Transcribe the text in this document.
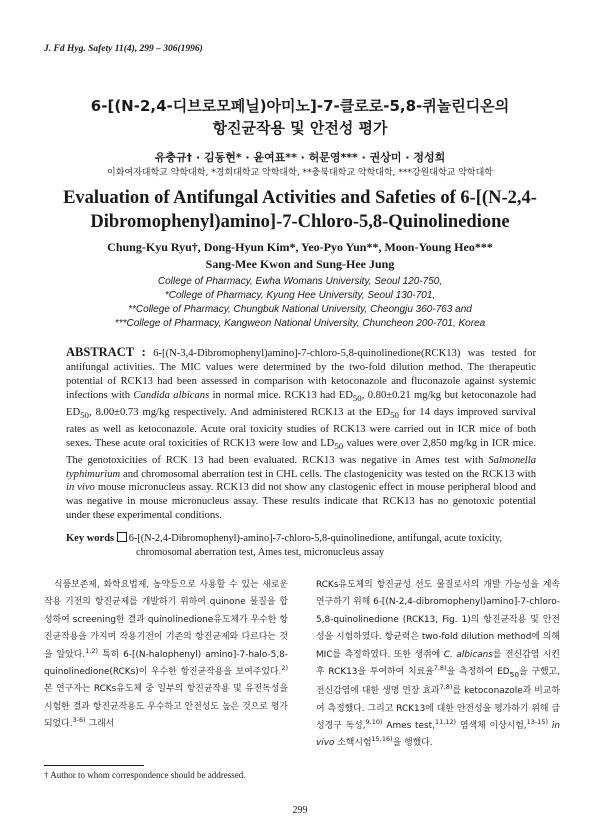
J. Fd Hyg. Safety 11(4), 299 – 306(1996)
6-[(N-2,4-디브로모페닐)아미노]-7-클로로-5,8-퀴놀린디온의
항진균작용 및 안전성 평가
유충규† · 김동현* · 윤여표** · 허문영*** · 권상미 · 정성희
이화여자대학교 약학대학, *경희대학교 약학대학, **충북대학교 약학대학, ***강원대학교 약학대학
Evaluation of Antifungal Activities and Safeties of 6-[(N-2,4-
Dibromophenyl)amino]-7-Chloro-5,8-Quinolinedione
Chung-Kyu Ryu†, Dong-Hyun Kim*, Yeo-Pyo Yun**, Moon-Young Heo***
Sang-Mee Kwon and Sung-Hee Jung
College of Pharmacy, Ewha Womans University, Seoul 120-750,
*College of Pharmacy, Kyung Hee University, Seoul 130-701,
**College of Pharmacy, Chungbuk National University, Cheongju 360-763 and
***College of Pharmacy, Kangweon National University, Chuncheon 200-701, Korea
ABSTRACT : 6-[(N-3,4-Dibromophenyl)amino]-7-chloro-5,8-quinolinedione(RCK13) was tested for antifungal activities. The MIC values were determined by the two-fold dilution method. The therapeutic potential of RCK13 had been assessed in comparison with ketoconazole and fluconazole against systemic infections with Candida albicans in normal mice. RCK13 had $ED_{50}$, 0.80±0.21 mg/kg but ketoconazole had $ED_{50}$, 8.00±0.73 mg/kg respectively. And administered RCK13 at the $ED_{50}$ for 14 days improved survival rates as well as ketoconazole. Acute oral toxicity studies of RCK13 were carried out in ICR mice of both sexes. These acute oral toxicities of RCK13 were low and $LD_{50}$ values were over 2,850 mg/kg in ICR mice. The genotoxicities of RCK 13 had been evaluated. RCK13 was negative in Ames test with Salmonella typhimurium and chromosomal aberration test in CHL cells. The clastogenicity was tested on the RCK13 with in vivo mouse micronucleus assay. RCK13 did not show any clastogenic effect in mouse peripheral blood and was negative in mouse micronucleus assay. These results indicate that RCK13 has no genotoxic potential under these experimental conditions.
Key words 6-[(N-2,4-Dibromophenyl)-amino]-7-chloro-5,8-quinolinedione, antifungal, acute toxicity, chromosomal aberration test, Ames test, micronucleus assay

식품보존제, 화학요법제, 농약등으로 사용할 수 있는 새로운 작용 기전의 항진균제를 개발하기 위하여 quinone 물질을 합성하여 screening한 결과 quinolinedione유도체가 우수한 항진균작용을 가지며 작용기전이 기존의 항진균제와 다르다는 것을 알았다.$^{1,2)}$ 특히 6-[(N-halophenyl) amino]-7-halo-5,8-quinolinedione(RCKs)이 우수한 항진균작용을 보여주었다.$^{2)}$ 본 연구자는 RCKs유도체 중 일부의 항진균작용 및 유전독성을 시험한 결과 항진균작용도 우수하고 안전성도 높은 것으로 평가되었다.$^{3-6)}$ 그래서

RCKs유도체의 항진균성 선도 물질로서의 개발 가능성을 계속 연구하기 위해 6-[(N-2,4-dibromophenyl)amino]-7-chloro-5,8-quinolinedione (RCK13, Fig. 1)의 항진균작용 및 안전성을 시험하였다. 항균력은 two-fold dilution method에 의해 MIC를 측정하였다. 또한 생쥐에 C. albicans를 전신감염 시킨 후 RCK13을 투여하여 치료율$^{7,8)}$을 측정하여 $ED_{50}$을 구했고, 전신감염에 대한 생명 연장 효과$^{7,8)}$를 ketoconazole과 비교하여 측정했다. 그리고 RCK13에 대한 안전성을 평가하기 위해 급성경구 독성,$^{9,10)}$ Ames test,$^{11,12)}$ 염색체 이상시험,$^{13-15)}$ in vivo 소핵시험$^{15,16)}$을 행했다.

† Author to whom correspondence should be addressed.
299
